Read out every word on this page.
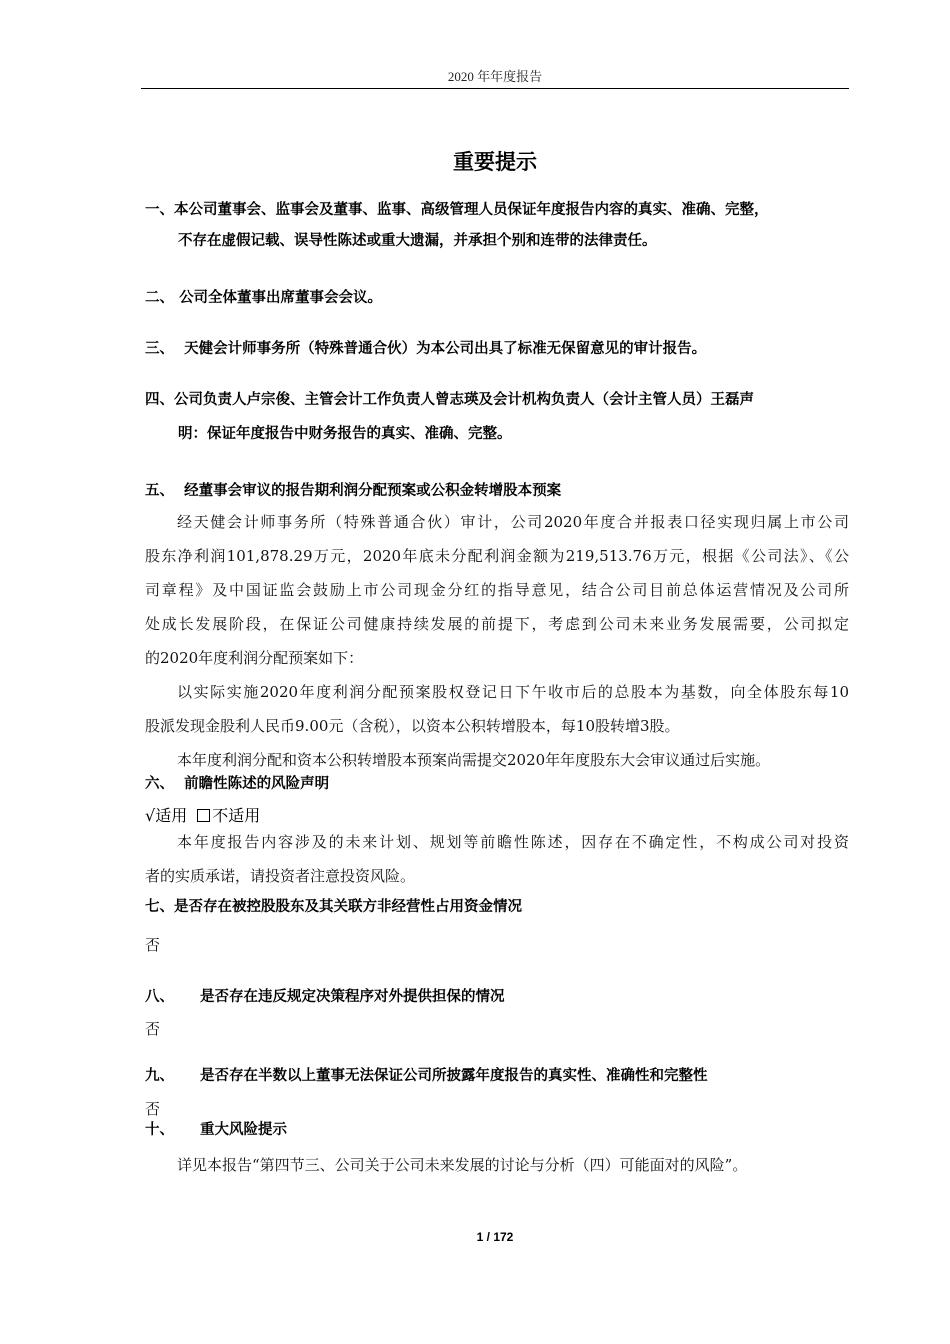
2020 年年度报告
重要提示
一、本公司董事会、监事会及董事、监事、高级管理人员保证年度报告内容的真实、准确、完整，
不存在虚假记载、误导性陈述或重大遗漏，并承担个别和连带的法律责任。
二、 公司全体董事出席董事会会议。
三、 天健会计师事务所（特殊普通合伙）为本公司出具了标准无保留意见的审计报告。
四、公司负责人卢宗俊、主管会计工作负责人曾志瑛及会计机构负责人（会计主管人员）王磊声
明：保证年度报告中财务报告的真实、准确、完整。
五、 经董事会审议的报告期利润分配预案或公积金转增股本预案
经天健会计师事务所（特殊普通合伙）审计，公司2020年度合并报表口径实现归属上市公司
股东净利润101,878.29万元，2020年底未分配利润金额为219,513.76万元，根据《公司法》、《公
司章程》及中国证监会鼓励上市公司现金分红的指导意见，结合公司目前总体运营情况及公司所
处成长发展阶段，在保证公司健康持续发展的前提下，考虑到公司未来业务发展需要，公司拟定
的2020年度利润分配预案如下：
以实际实施2020年度利润分配预案股权登记日下午收市后的总股本为基数，向全体股东每10
股派发现金股利人民币9.00元（含税），以资本公积转增股本，每10股转增3股。
本年度利润分配和资本公积转增股本预案尚需提交2020年年度股东大会审议通过后实施。
六、 前瞻性陈述的风险声明
√适用 不适用
本年度报告内容涉及的未来计划、规划等前瞻性陈述，因存在不确定性，不构成公司对投资
者的实质承诺，请投资者注意投资风险。
七、是否存在被控股股东及其关联方非经营性占用资金情况
否
八、 是否存在违反规定决策程序对外提供担保的情况
否
九、 是否存在半数以上董事无法保证公司所披露年度报告的真实性、准确性和完整性
否
十、 重大风险提示
详见本报告“第四节三、公司关于公司未来发展的讨论与分析（四）可能面对的风险”。
1 / 172
